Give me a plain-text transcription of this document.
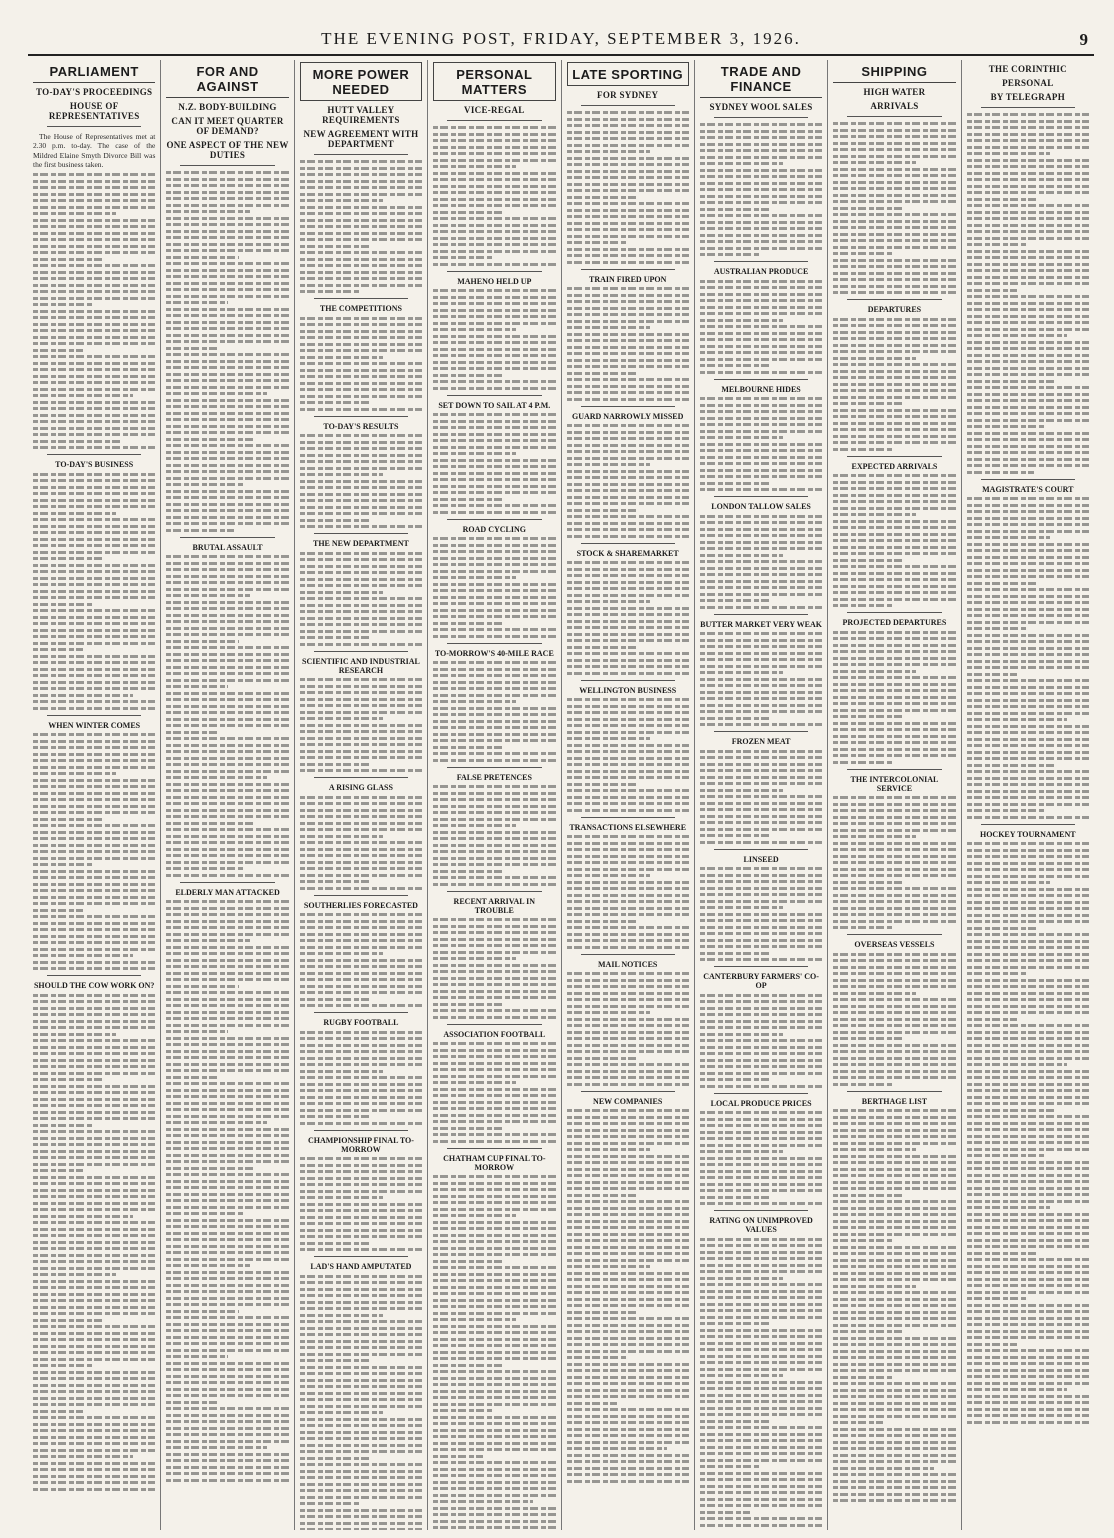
THE EVENING POST, FRIDAY, SEPTEMBER 3, 1926.	9
PARLIAMENT
TO-DAY'S PROCEEDINGS
HOUSE OF REPRESENTATIVES

The House of Representatives met at 2.30 p.m. to-day. The case of the Mildred Elaine Smyth Divorce Bill was the first business taken.

TO-DAY'S BUSINESS
WHEN WINTER COMES
SHOULD THE COW WORK ON?
FOR AND AGAINST
N.Z. BODY-BUILDING
CAN IT MEET QUARTER OF DEMAND?
ONE ASPECT OF THE NEW DUTIES
BRUTAL ASSAULT
ELDERLY MAN ATTACKED
MORE POWER NEEDED
HUTT VALLEY REQUIREMENTS
NEW AGREEMENT WITH DEPARTMENT
THE COMPETITIONS
TO-DAY'S RESULTS
THE NEW DEPARTMENT
SCIENTIFIC AND INDUSTRIAL RESEARCH
A RISING GLASS
SOUTHERLIES FORECASTED
RUGBY FOOTBALL
CHAMPIONSHIP FINAL TO-MORROW
LAD'S HAND AMPUTATED
PERSONAL MATTERS
VICE-REGAL
MAHENO HELD UP
SET DOWN TO SAIL AT 4 P.M.
ROAD CYCLING
TO-MORROW'S 40-MILE RACE
FALSE PRETENCES
RECENT ARRIVAL IN TROUBLE
ASSOCIATION FOOTBALL
CHATHAM CUP FINAL TO-MORROW
LATE SPORTING
FOR SYDNEY
TRAIN FIRED UPON
GUARD NARROWLY MISSED
STOCK & SHAREMARKET
WELLINGTON BUSINESS
TRANSACTIONS ELSEWHERE
MAIL NOTICES
NEW COMPANIES
TRADE AND FINANCE
SYDNEY WOOL SALES
AUSTRALIAN PRODUCE
MELBOURNE HIDES
LONDON TALLOW SALES
BUTTER MARKET VERY WEAK
FROZEN MEAT
LINSEED
CANTERBURY FARMERS' CO-OP
LOCAL PRODUCE PRICES
RATING ON UNIMPROVED VALUES
SHIPPING
HIGH WATER
ARRIVALS
DEPARTURES
EXPECTED ARRIVALS
PROJECTED DEPARTURES
THE INTERCOLONIAL SERVICE
OVERSEAS VESSELS
BERTHAGE LIST
THE CORINTHIC
PERSONAL
BY TELEGRAPH
MAGISTRATE'S COURT
HOCKEY TOURNAMENT
